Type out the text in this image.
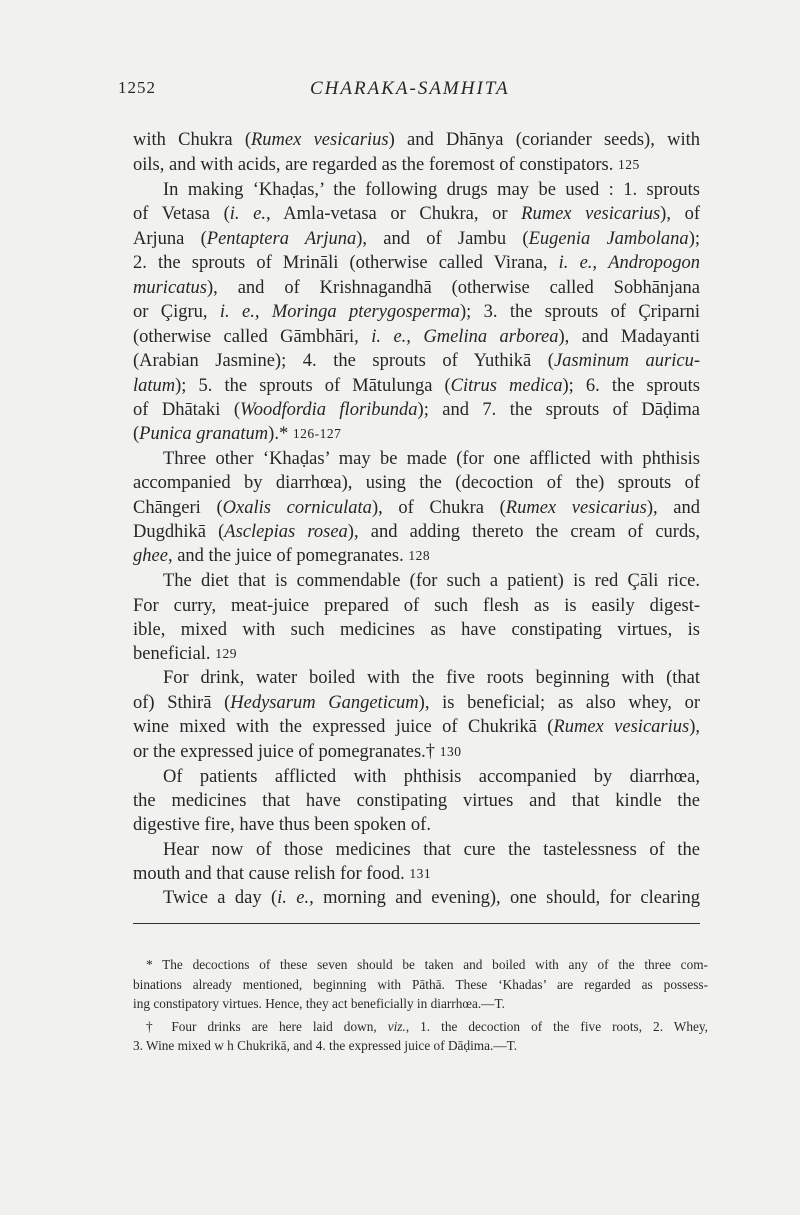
1252	CHARAKA-SAMHITA
with Chukra (Rumex vesicarius) and Dhānya (coriander seeds), with
oils, and with acids, are regarded as the foremost of constipators. 125
In making ‘Khaḍas,’ the following drugs may be used : 1. sprouts
of Vetasa (i. e., Amla-vetasa or Chukra, or Rumex vesicarius), of
Arjuna (Pentaptera Arjuna), and of Jambu (Eugenia Jambolana);
2. the sprouts of Mrināli (otherwise called Virana, i. e., Andropogon
muricatus), and of Krishnagandhā (otherwise called Sobhānjana
or Çigru, i. e., Moringa pterygosperma); 3. the sprouts of Çriparni
(otherwise called Gāmbhāri, i. e., Gmelina arborea), and Madayanti
(Arabian Jasmine); 4. the sprouts of Yuthikā (Jasminum auricu-
latum); 5. the sprouts of Mātulunga (Citrus medica); 6. the sprouts
of Dhātaki (Woodfordia floribunda); and 7. the sprouts of Dāḍima
(Punica granatum).* 126-127
Three other ‘Khaḍas’ may be made (for one afflicted with phthisis
accompanied by diarrhœa), using the (decoction of the) sprouts of
Chāngeri (Oxalis corniculata), of Chukra (Rumex vesicarius), and
Dugdhikā (Asclepias rosea), and adding thereto the cream of curds,
ghee, and the juice of pomegranates. 128
The diet that is commendable (for such a patient) is red Çāli rice.
For curry, meat-juice prepared of such flesh as is easily digest-
ible, mixed with such medicines as have constipating virtues, is
beneficial. 129
For drink, water boiled with the five roots beginning with (that
of) Sthirā (Hedysarum Gangeticum), is beneficial; as also whey, or
wine mixed with the expressed juice of Chukrikā (Rumex vesicarius),
or the expressed juice of pomegranates.† 130
Of patients afflicted with phthisis accompanied by diarrhœa,
the medicines that have constipating virtues and that kindle the
digestive fire, have thus been spoken of.
Hear now of those medicines that cure the tastelessness of the
mouth and that cause relish for food. 131
Twice a day (i. e., morning and evening), one should, for clearing
* The decoctions of these seven should be taken and boiled with any of the three com-
binations already mentioned, beginning with Pāthā. These ‘Khadas’ are regarded as possess-
ing constipatory virtues. Hence, they act beneficially in diarrhœa.—T.
† Four drinks are here laid down, viz., 1. the decoction of the five roots, 2. Whey,
3. Wine mixed w h Chukrikā, and 4. the expressed juice of Dāḍima.—T.
